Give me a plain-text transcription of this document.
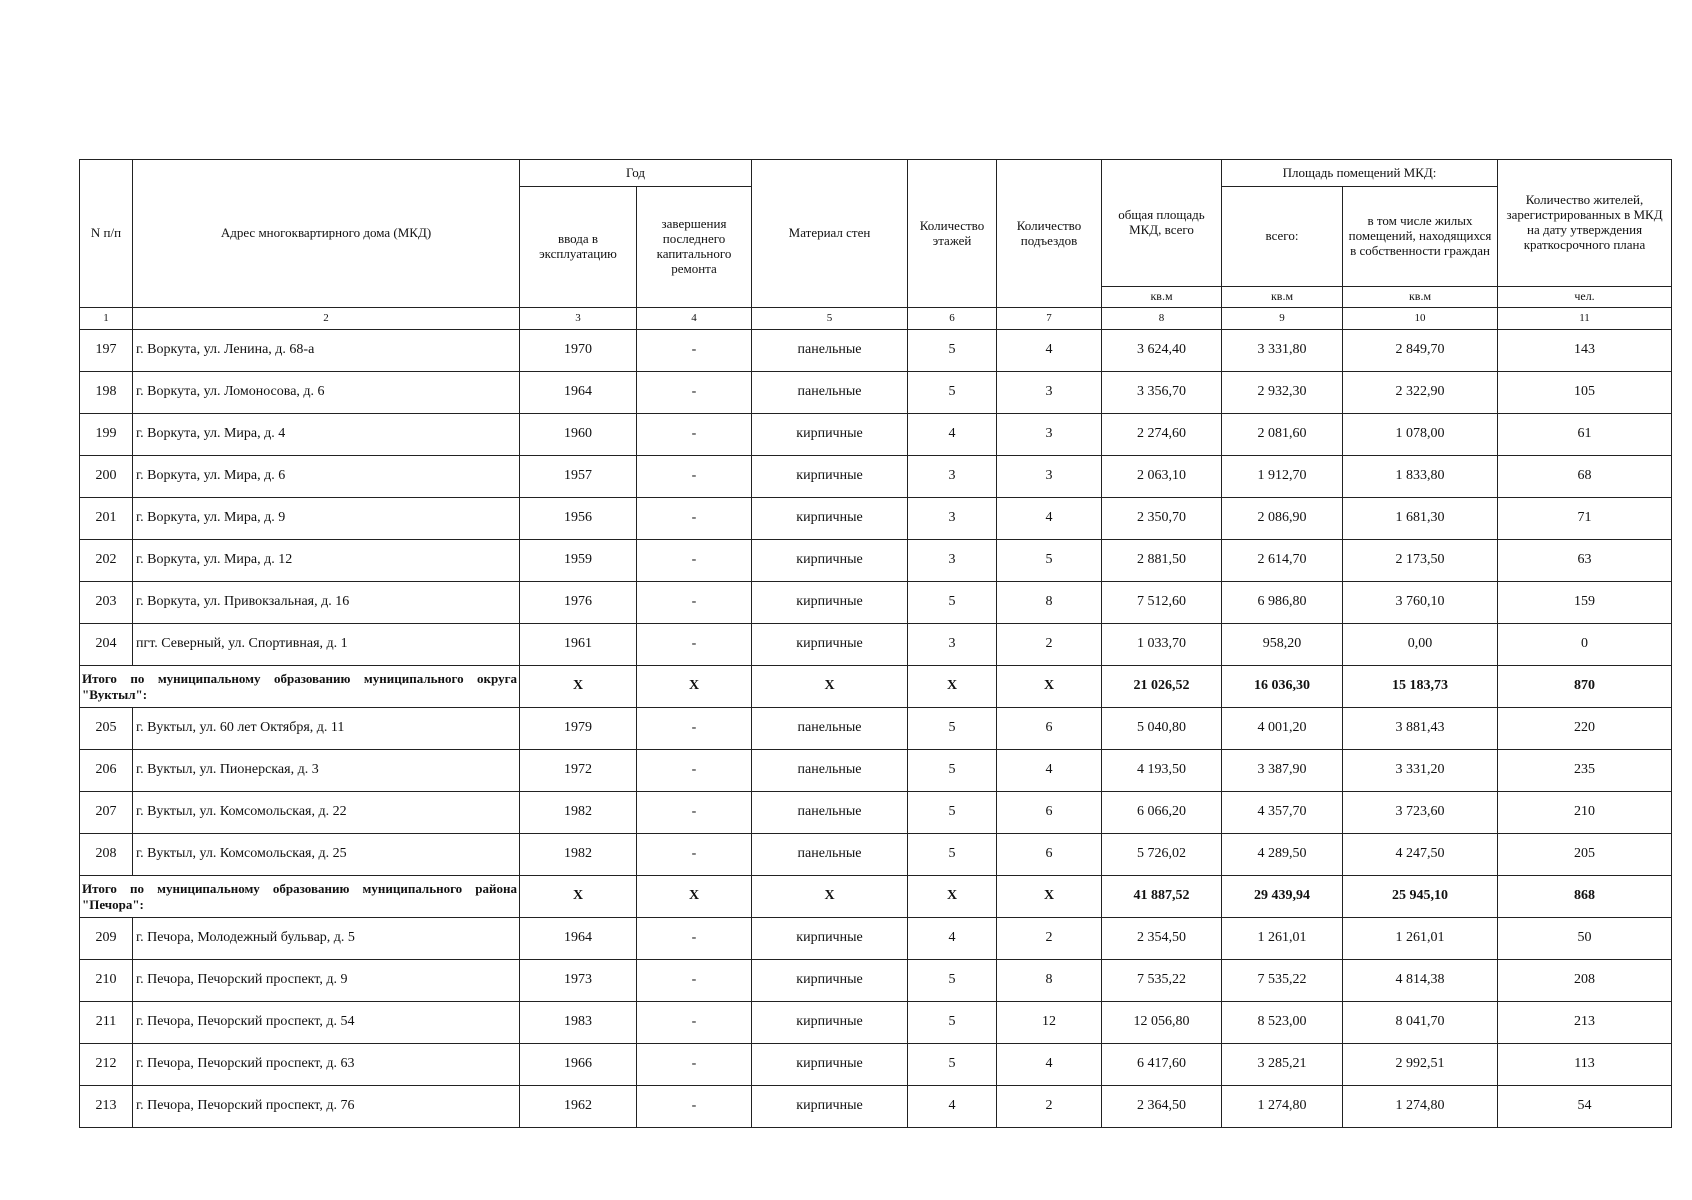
N п/п	Адрес многоквартирного дома (МКД)	Год		Материал стен	Количество этажей	Количество подъездов	общая площадь МКД, всего	Площадь помещений МКД:		Количество жителей, зарегистрированных в МКД на дату утверждения краткосрочного плана
		ввода в эксплуатацию	завершения последнего капитального ремонта					всего:	в том числе жилых помещений, находящихся в собственности граждан	
							кв.м	кв.м	кв.м	чел.
1	2	3	4	5	6	7	8	9	10	11
197	г. Воркута, ул. Ленина, д. 68-а	1970	-	панельные	5	4	3 624,40	3 331,80	2 849,70	143
198	г. Воркута, ул. Ломоносова, д. 6	1964	-	панельные	5	3	3 356,70	2 932,30	2 322,90	105
199	г. Воркута, ул. Мира, д. 4	1960	-	кирпичные	4	3	2 274,60	2 081,60	1 078,00	61
200	г. Воркута, ул. Мира, д. 6	1957	-	кирпичные	3	3	2 063,10	1 912,70	1 833,80	68
201	г. Воркута, ул. Мира, д. 9	1956	-	кирпичные	3	4	2 350,70	2 086,90	1 681,30	71
202	г. Воркута, ул. Мира, д. 12	1959	-	кирпичные	3	5	2 881,50	2 614,70	2 173,50	63
203	г. Воркута, ул. Привокзальная, д. 16	1976	-	кирпичные	5	8	7 512,60	6 986,80	3 760,10	159
204	пгт. Северный, ул. Спортивная, д. 1	1961	-	кирпичные	3	2	1 033,70	958,20	0,00	0
Итого по муниципальному образованию муниципального округа "Вуктыл":		X	X	X	X	X	21 026,52	16 036,30	15 183,73	870
205	г. Вуктыл, ул. 60 лет Октября, д. 11	1979	-	панельные	5	6	5 040,80	4 001,20	3 881,43	220
206	г. Вуктыл, ул. Пионерская, д. 3	1972	-	панельные	5	4	4 193,50	3 387,90	3 331,20	235
207	г. Вуктыл, ул. Комсомольская, д. 22	1982	-	панельные	5	6	6 066,20	4 357,70	3 723,60	210
208	г. Вуктыл, ул. Комсомольская, д. 25	1982	-	панельные	5	6	5 726,02	4 289,50	4 247,50	205
Итого по муниципальному образованию муниципального района "Печора":		X	X	X	X	X	41 887,52	29 439,94	25 945,10	868
209	г. Печора, Молодежный бульвар, д. 5	1964	-	кирпичные	4	2	2 354,50	1 261,01	1 261,01	50
210	г. Печора, Печорский проспект, д. 9	1973	-	кирпичные	5	8	7 535,22	7 535,22	4 814,38	208
211	г. Печора, Печорский проспект, д. 54	1983	-	кирпичные	5	12	12 056,80	8 523,00	8 041,70	213
212	г. Печора, Печорский проспект, д. 63	1966	-	кирпичные	5	4	6 417,60	3 285,21	2 992,51	113
213	г. Печора, Печорский проспект, д. 76	1962	-	кирпичные	4	2	2 364,50	1 274,80	1 274,80	54
